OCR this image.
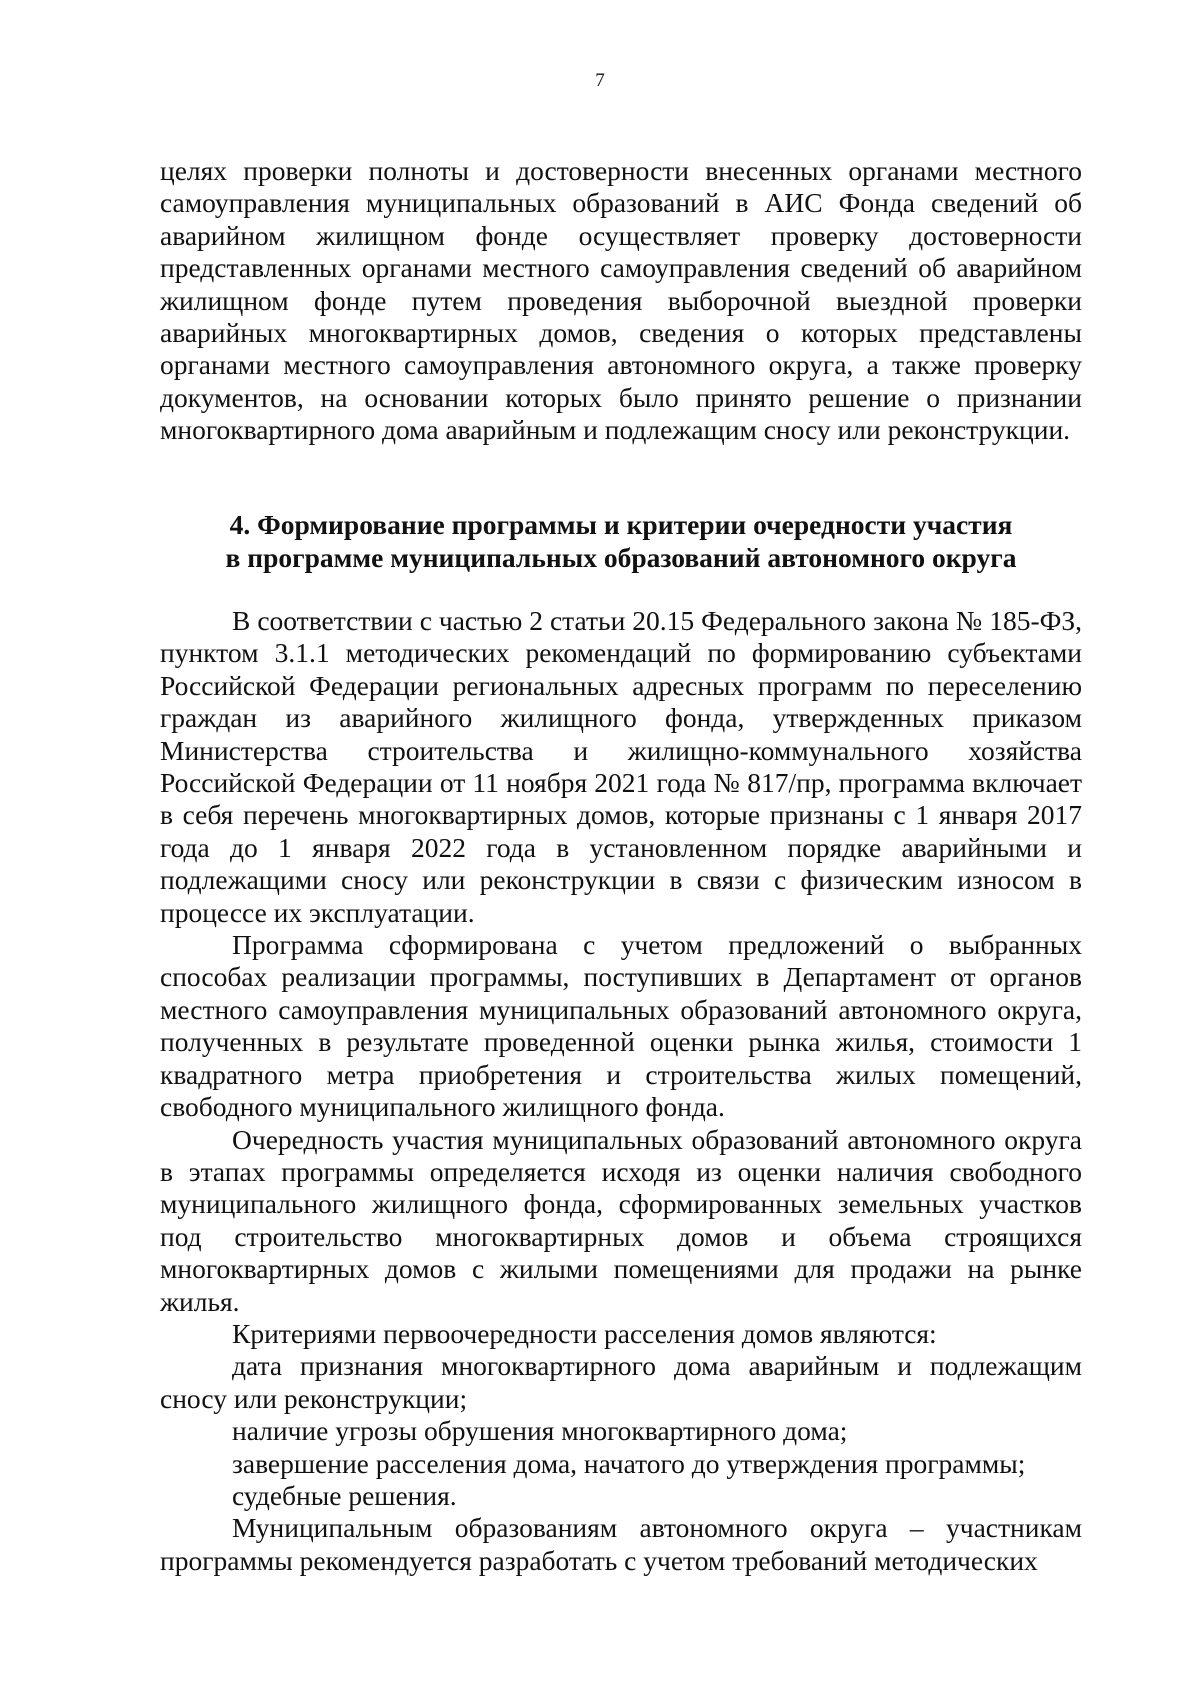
7

целях проверки полноты и достоверности внесенных органами местного самоуправления муниципальных образований в АИС Фонда сведений об аварийном жилищном фонде осуществляет проверку достоверности представленных органами местного самоуправления сведений об аварийном жилищном фонде путем проведения выборочной выездной проверки аварийных многоквартирных домов, сведения о которых представлены органами местного самоуправления автономного округа, а также проверку документов, на основании которых было принято решение о признании многоквартирного дома аварийным и подлежащим сносу или реконструкции.

4. Формирование программы и критерии очередности участия
в программе муниципальных образований автономного округа

В соответствии с частью 2 статьи 20.15 Федерального закона № 185-ФЗ, пунктом 3.1.1 методических рекомендаций по формированию субъектами Российской Федерации региональных адресных программ по переселению граждан из аварийного жилищного фонда, утвержденных приказом Министерства строительства и жилищно-коммунального хозяйства Российской Федерации от 11 ноября 2021 года № 817/пр, программа включает в себя перечень многоквартирных домов, которые признаны с 1 января 2017 года до 1 января 2022 года в установленном порядке аварийными и подлежащими сносу или реконструкции в связи с физическим износом в процессе их эксплуатации.

Программа сформирована с учетом предложений о выбранных способах реализации программы, поступивших в Департамент от органов местного самоуправления муниципальных образований автономного округа, полученных в результате проведенной оценки рынка жилья, стоимости 1 квадратного метра приобретения и строительства жилых помещений, свободного муниципального жилищного фонда.

Очередность участия муниципальных образований автономного округа в этапах программы определяется исходя из оценки наличия свободного муниципального жилищного фонда, сформированных земельных участков под строительство многоквартирных домов и объема строящихся многоквартирных домов с жилыми помещениями для продажи на рынке жилья.

Критериями первоочередности расселения домов являются:

дата признания многоквартирного дома аварийным и подлежащим сносу или реконструкции;

наличие угрозы обрушения многоквартирного дома;

завершение расселения дома, начатого до утверждения программы;

судебные решения.

Муниципальным образованиям автономного округа – участникам программы рекомендуется разработать с учетом требований методических
